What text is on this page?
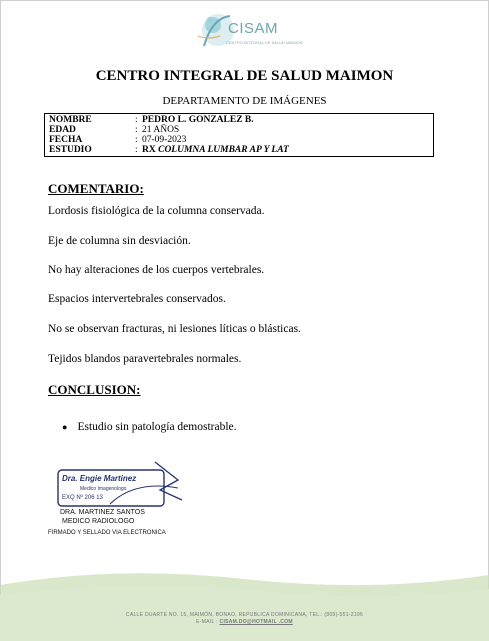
CISAM
CENTRO INTEGRAL DE SALUD MAIMON
CENTRO INTEGRAL DE SALUD MAIMON
DEPARTAMENTO DE IMÁGENES
NOMBRE	: PEDRO L. GONZALEZ B.
EDAD	: 21 AÑOS
FECHA	: 07-09-2023
ESTUDIO	: RX COLUMNA LUMBAR AP Y LAT
COMENTARIO:
Lordosis fisiológica de la columna conservada.
Eje de columna sin desviación.
No hay alteraciones de los cuerpos vertebrales.
Espacios intervertebrales conservados.
No se observan fracturas, ni lesiones líticas o blásticas.
Tejidos blandos paravertebrales normales.
CONCLUSION:
● Estudio sin patología demostrable.
Dra. Engie Martinez
Medico Imagenologo
EXQ Nº 206 13
DRA. MARTINEZ SANTOS
MEDICO RADIOLOGO
FIRMADO Y SELLADO VIA ELECTRONICA
CALLE DUARTE NO. 15, MAIMÓN, BONAO, REPUBLICA DOMINICANA, TEL.: (809)-551-2196
E-MAIL : CISAM.DO@HOTMAIL .COM
